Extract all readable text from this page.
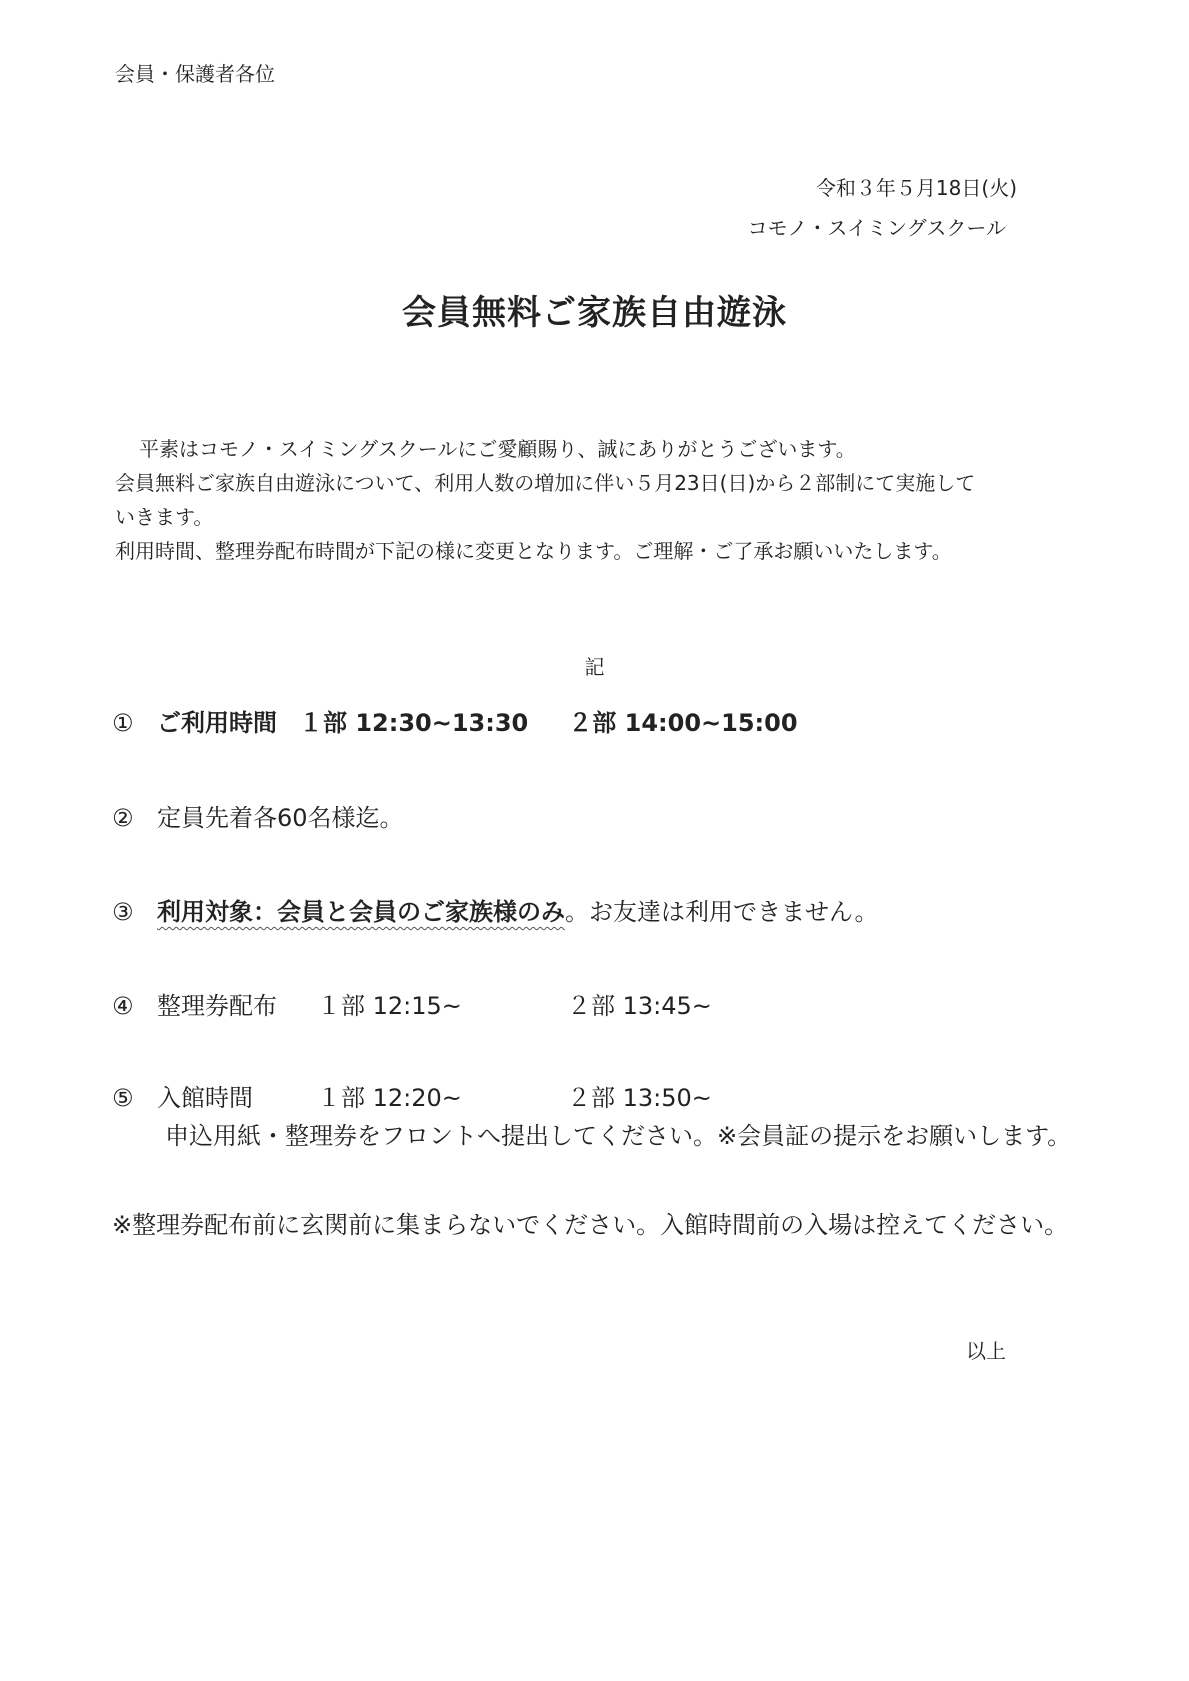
会員・保護者各位
令和３年５月18日(火)
コモノ・スイミングスクール
会員無料ご家族自由遊泳

平素はコモノ・スイミングスクールにご愛顧賜り、誠にありがとうございます。

会員無料ご家族自由遊泳について、利用人数の増加に伴い５月23日(日)から２部制にて実施して

いきます。

利用時間、整理券配布時間が下記の様に変更となります。ご理解・ご了承お願いいたします。

記
① ご利用時間 １部 12:30~13:30 ２部 14:00~15:00
② 定員先着各60名様迄。
③ 利用対象：会員と会員のご家族様のみ。お友達は利用できません。
④ 整理券配布 １部 12:15~	２部 13:45~
⑤ 入館時間	１部 12:20~	２部 13:50~
申込用紙・整理券をフロントへ提出してください。※会員証の提示をお願いします。
※整理券配布前に玄関前に集まらないでください。入館時間前の入場は控えてください。
以上
